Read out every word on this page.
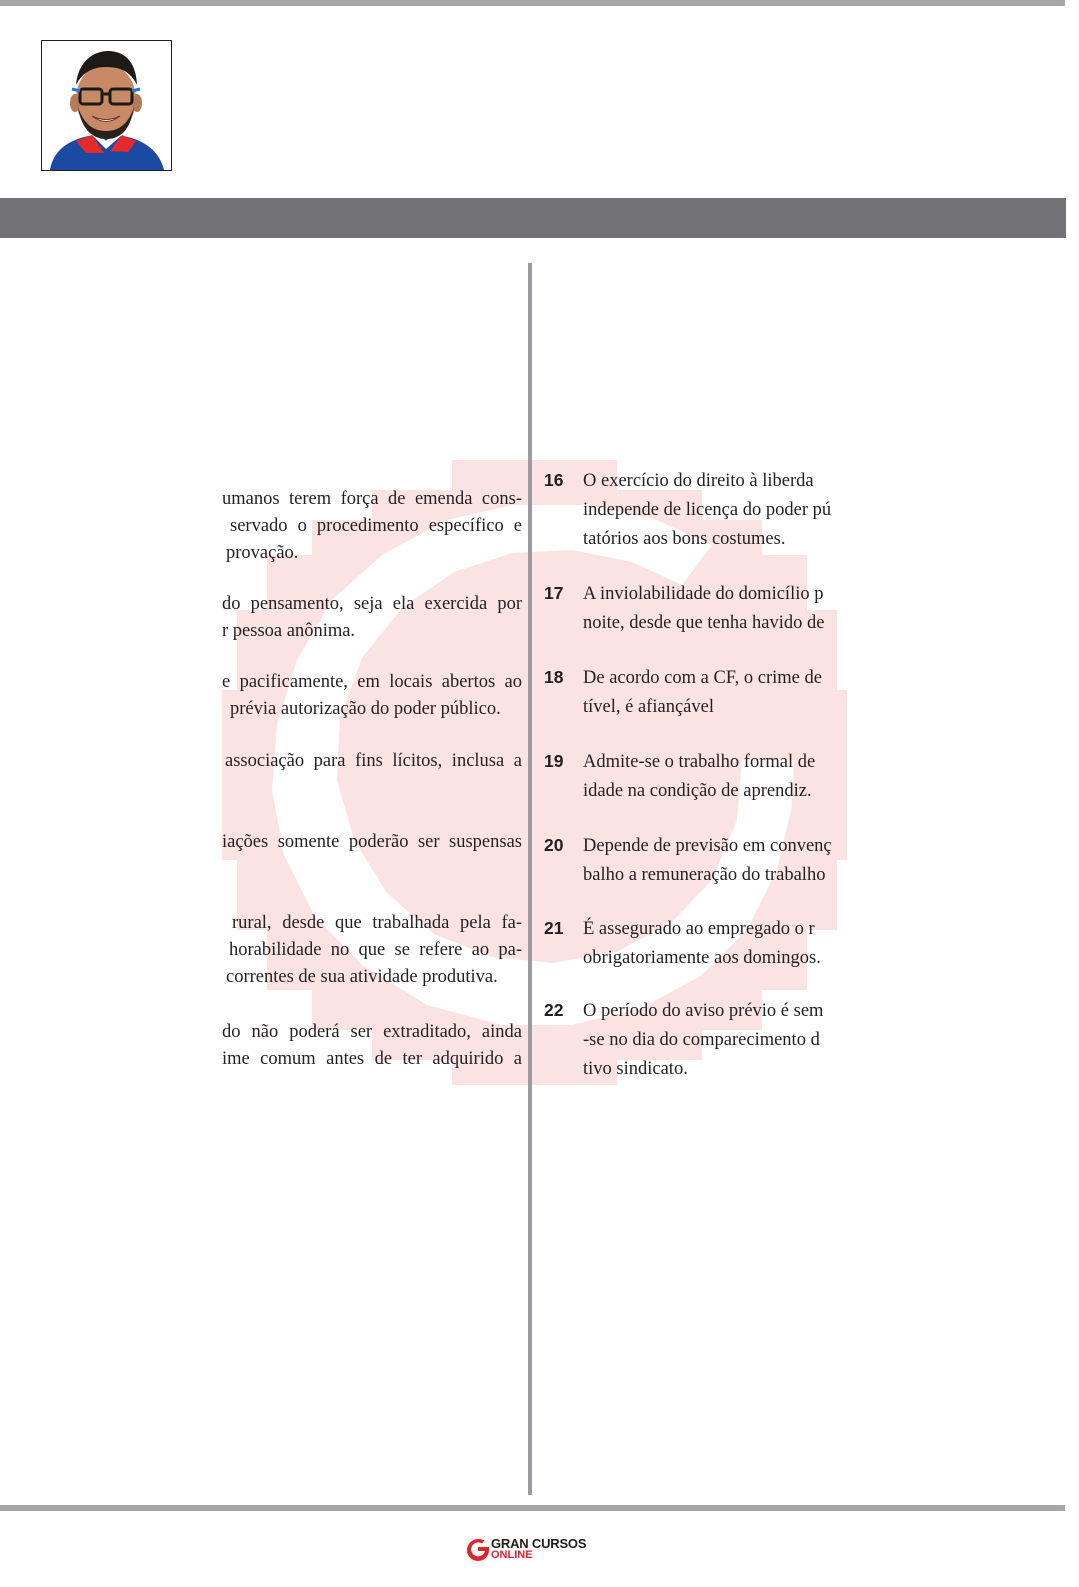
umanos terem força de emenda cons-
servado o procedimento específico e
provação.
do pensamento, seja ela exercida por
r pessoa anônima.
e pacificamente, em locais abertos ao
prévia autorização do poder público.
associação para fins lícitos, inclusa a
iações somente poderão ser suspensas
rural, desde que trabalhada pela fa-
horabilidade no que se refere ao pa-
correntes de sua atividade produtiva.
do não poderá ser extraditado, ainda
ime comum antes de ter adquirido a
16 O exercício do direito à liberda
independe de licença do poder pú
tatórios aos bons costumes.
17 A inviolabilidade do domicílio p
noite, desde que tenha havido de
18 De acordo com a CF, o crime de
tível, é afiançável
19 Admite-se o trabalho formal de
idade na condição de aprendiz.
20 Depende de previsão em convenç
balho a remuneração do trabalho
21 É assegurado ao empregado o r
obrigatoriamente aos domingos.
22 O período do aviso prévio é sem
-se no dia do comparecimento d
tivo sindicato.
GRAN CURSOS
ONLINE
